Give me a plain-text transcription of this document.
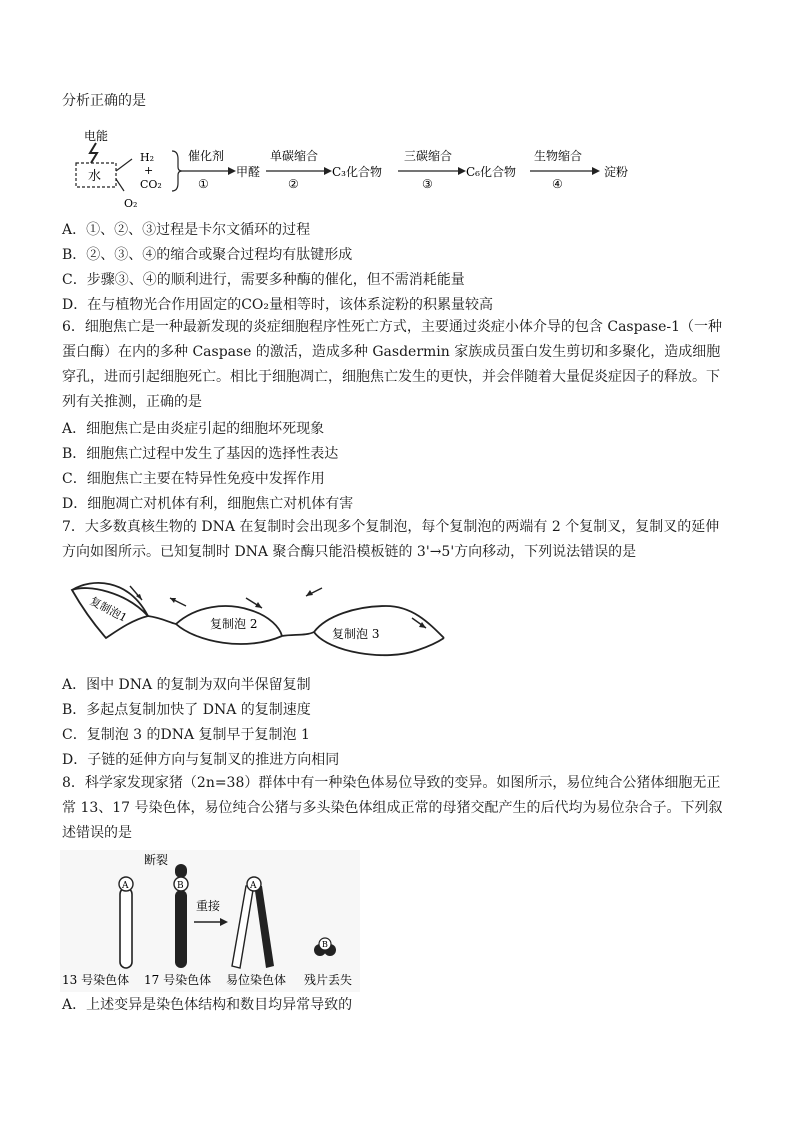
分析正确的是
电能
水
H₂
+
CO₂
O₂
催化剂
①
甲醛
单碳缩合
②
C₃化合物
三碳缩合
③
C₆化合物
生物缩合
④
淀粉
A．①、②、③过程是卡尔文循环的过程
B．②、③、④的缩合或聚合过程均有肽键形成
C．步骤③、④的顺利进行，需要多种酶的催化，但不需消耗能量
D．在与植物光合作用固定的CO₂量相等时，该体系淀粉的积累量较高
6．细胞焦亡是一种最新发现的炎症细胞程序性死亡方式，主要通过炎症小体介导的包含 Caspase-1（一种蛋白酶）在内的多种 Caspase 的激活，造成多种 Gasdermin 家族成员蛋白发生剪切和多聚化，造成细胞穿孔，进而引起细胞死亡。相比于细胞凋亡，细胞焦亡发生的更快，并会伴随着大量促炎症因子的释放。下列有关推测，正确的是
A．细胞焦亡是由炎症引起的细胞坏死现象
B．细胞焦亡过程中发生了基因的选择性表达
C．细胞焦亡主要在特异性免疫中发挥作用
D．细胞凋亡对机体有利，细胞焦亡对机体有害
7．大多数真核生物的 DNA 在复制时会出现多个复制泡，每个复制泡的两端有 2 个复制叉，复制叉的延伸方向如图所示。已知复制时 DNA 聚合酶只能沿模板链的 3'→5'方向移动，下列说法错误的是
复制泡1	复制泡 2
复制泡 3
A．图中 DNA 的复制为双向半保留复制
B．多起点复制加快了 DNA 的复制速度
C．复制泡 3 的DNA 复制早于复制泡 1
D．子链的延伸方向与复制叉的推进方向相同
8．科学家发现家猪（2n=38）群体中有一种染色体易位导致的变异。如图所示，易位纯合公猪体细胞无正常 13、17 号染色体，易位纯合公猪与多头染色体组成正常的母猪交配产生的后代均为易位杂合子。下列叙述错误的是
A
断裂
B
重接
A
B
13 号染色体 17 号染色体 易位染色体 残片丢失
A．上述变异是染色体结构和数目均异常导致的
